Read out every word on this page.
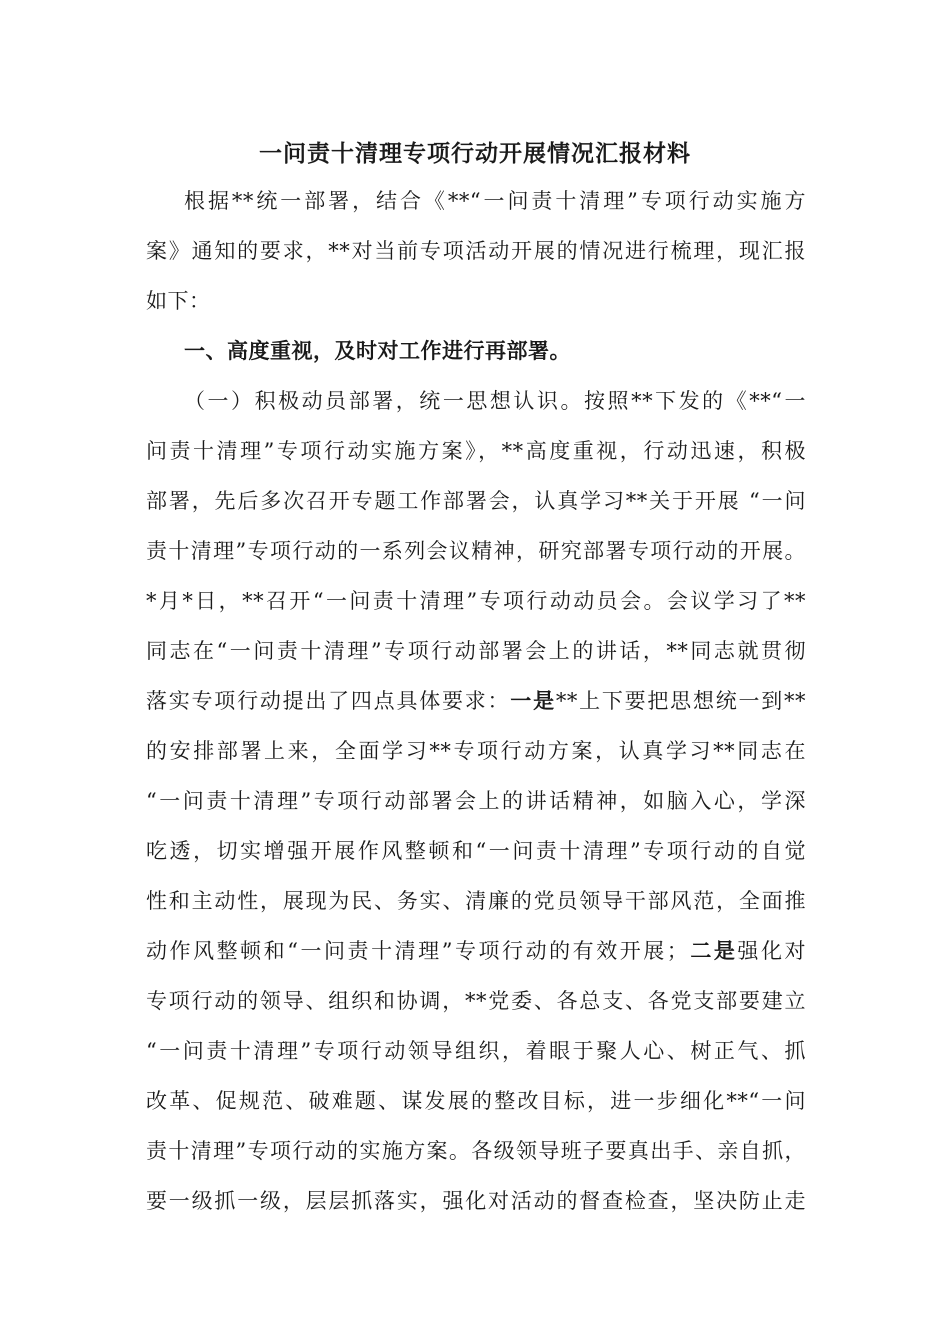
一问责十清理专项行动开展情况汇报材料

根据**统一部署，结合《**“一问责十清理”专项行动实施方

案》通知的要求，**对当前专项活动开展的情况进行梳理，现汇报

如下：

一、高度重视，及时对工作进行再部署。

（一）积极动员部署，统一思想认识。按照**下发的《**“一

问责十清理”专项行动实施方案》，**高度重视，行动迅速，积极

部署，先后多次召开专题工作部署会，认真学习**关于开展 “一问

责十清理”专项行动的一系列会议精神，研究部署专项行动的开展。

*月*日，**召开“一问责十清理”专项行动动员会。会议学习了**

同志在“一问责十清理”专项行动部署会上的讲话，**同志就贯彻

落实专项行动提出了四点具体要求：一是**上下要把思想统一到**

的安排部署上来，全面学习**专项行动方案，认真学习**同志在

“一问责十清理”专项行动部署会上的讲话精神，如脑入心，学深

吃透，切实增强开展作风整顿和“一问责十清理”专项行动的自觉

性和主动性，展现为民、务实、清廉的党员领导干部风范，全面推

动作风整顿和“一问责十清理”专项行动的有效开展；二是强化对

专项行动的领导、组织和协调，**党委、各总支、各党支部要建立

“一问责十清理”专项行动领导组织，着眼于聚人心、树正气、抓

改革、促规范、破难题、谋发展的整改目标，进一步细化**“一问

责十清理”专项行动的实施方案。各级领导班子要真出手、亲自抓，

要一级抓一级，层层抓落实，强化对活动的督查检查，坚决防止走
